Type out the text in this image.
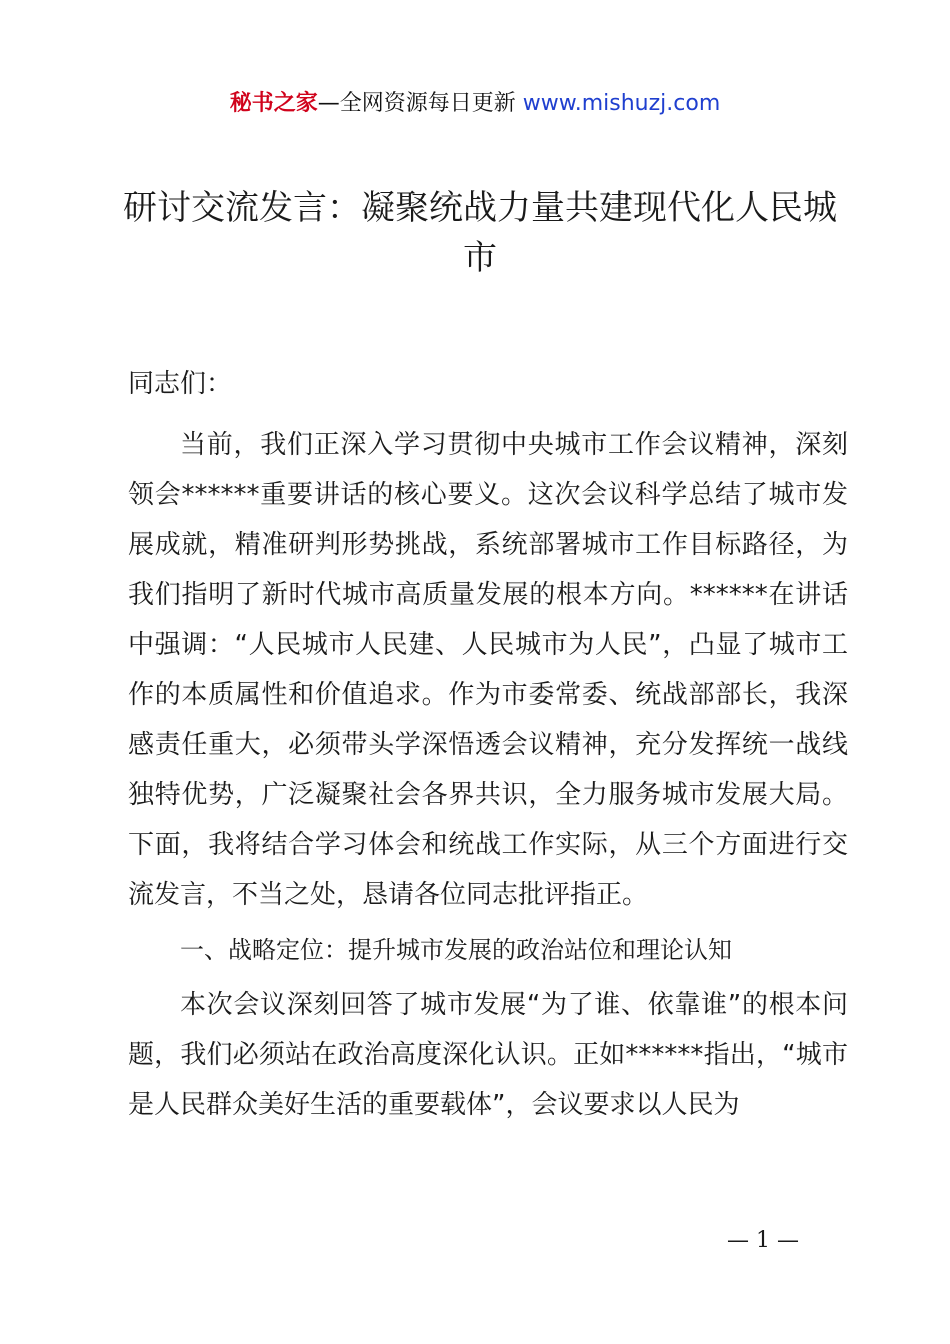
秘书之家—全网资源每日更新 www.mishuzj.com
研讨交流发言：凝聚统战力量共建现代化人民城市
同志们：

当前，我们正深入学习贯彻中央城市工作会议精神，深刻领会******重要讲话的核心要义。这次会议科学总结了城市发展成就，精准研判形势挑战，系统部署城市工作目标路径，为我们指明了新时代城市高质量发展的根本方向。******在讲话中强调：“人民城市人民建、人民城市为人民”，凸显了城市工作的本质属性和价值追求。作为市委常委、统战部部长，我深感责任重大，必须带头学深悟透会议精神，充分发挥统一战线独特优势，广泛凝聚社会各界共识，全力服务城市发展大局。下面，我将结合学习体会和统战工作实际，从三个方面进行交流发言，不当之处，恳请各位同志批评指正。

一、战略定位：提升城市发展的政治站位和理论认知

本次会议深刻回答了城市发展“为了谁、依靠谁”的根本问题，我们必须站在政治高度深化认识。正如******指出，“城市是人民群众美好生活的重要载体”，会议要求以人民为

— 1 —
